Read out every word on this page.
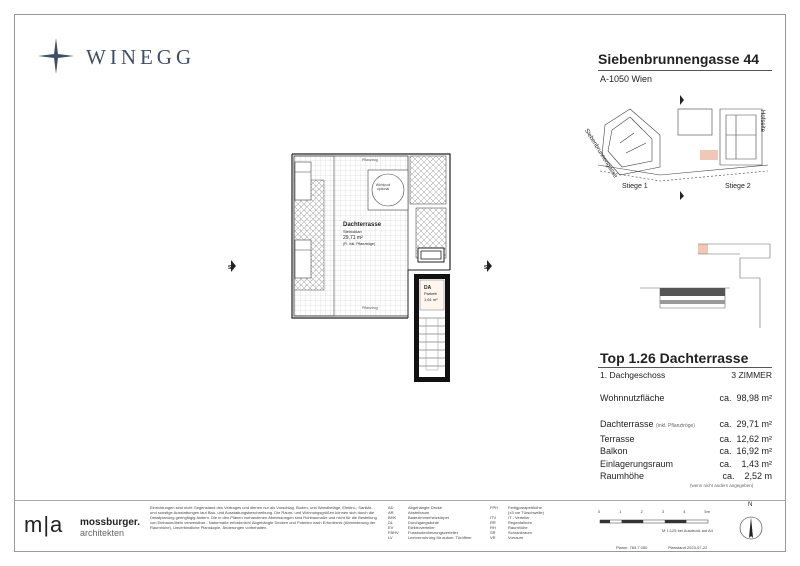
WINEGG	Siebenbrunnengasse 44
A-1050 Wien
Siebenbrunnengasse
Hofseite
Stiege 1	Stiege 2
Top 1.26 Dachterrasse
1. Dachgeschoss	3 ZIMMER
Wohnnutzfläche	ca.  98,98 m²
Dachterrasse (inkl. Pflanztröge)	ca.  29,71 m²
Terrasse	ca.  12,62 m²
Balkon	ca.  16,92 m²
Einlagerungsraum	ca.    1,43 m²
Raumhöhe	ca.    2,52 m
(wenn nicht anders angegeben)
Pflanztrog
Whirlpool optional
Dachterrasse
Steinoklan
29,71 m²
(Fl. inkl. Pflanztröge)
Pflanztrog
DA
Parkett
1,61 m²
S	S
m|a mossburger.
architekten
Einrichtungen sind nicht Gegenstand des Vertrages und dienen nur als Vorschlag. Boden- und Wandbeläge, Elektro-, Sanitär- und sonstige Ausstattungen laut Bau- und Ausstattungsbeschreibung. Die Raum- und Wohnungsgrößen können sich durch die Detailplanung geringfügig ändern. Die in den Plänen vorhandenen Abmessungen sind Rohbaumaße und nicht für die Bestellung von Einbaumöbeln verwendbar - Naturmaße erforderlich! Abgehängte Decken und Poterien nach Erfordernis (Abminderung der Raumhöhe). Unverbindliche Planskopie, Änderungen vorbehalten.
AD	Abgehängte Decke
AR	Abstellraum
BHK	Badezimmerheizkörper
DL	Durchgangslichte
EV	Elektroverteiler
FBHV Fussbodenheizungsverteiler
LV	Leerverrohrung für autom. Türöffner
FPH	Fertigparapetthöhe
(±3 cm Türschwelle)
ITV	IT - Verteiler
RR	Regenfallrohr
RH	Raumhöhe
SR	Schrankraum
VR	Vorraum
0	1	2	3	4	5m
M 1:125 bei Ausdruck auf A4
N
Plannr. 783.7 050	Planstand 2023-07-22
